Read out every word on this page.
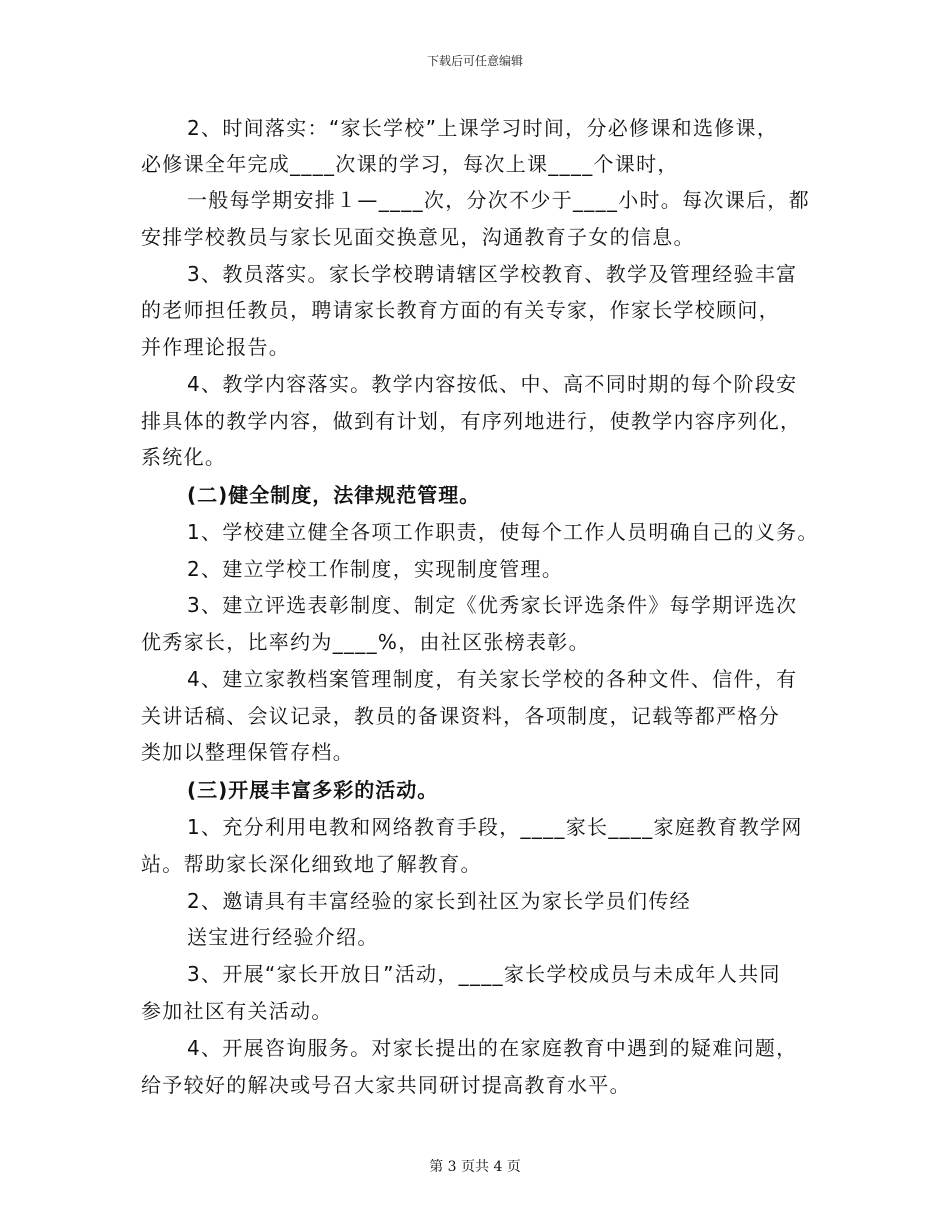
下载后可任意编辑
2、时间落实：“家长学校”上课学习时间，分必修课和选修课，
必修课全年完成____次课的学习，每次上课____个课时，
一般每学期安排１—____次，分次不少于____小时。每次课后，都
安排学校教员与家长见面交换意见，沟通教育子女的信息。
3、教员落实。家长学校聘请辖区学校教育、教学及管理经验丰富
的老师担任教员，聘请家长教育方面的有关专家，作家长学校顾问，
并作理论报告。
4、教学内容落实。教学内容按低、中、高不同时期的每个阶段安
排具体的教学内容，做到有计划，有序列地进行，使教学内容序列化，
系统化。
(二)健全制度，法律规范管理。
1、学校建立健全各项工作职责，使每个工作人员明确自己的义务。
2、建立学校工作制度，实现制度管理。
3、建立评选表彰制度、制定《优秀家长评选条件》每学期评选次
优秀家长，比率约为____%，由社区张榜表彰。
4、建立家教档案管理制度，有关家长学校的各种文件、信件，有
关讲话稿、会议记录，教员的备课资料，各项制度，记载等都严格分
类加以整理保管存档。
(三)开展丰富多彩的活动。
1、充分利用电教和网络教育手段，____家长____家庭教育教学网
站。帮助家长深化细致地了解教育。
2、邀请具有丰富经验的家长到社区为家长学员们传经
送宝进行经验介绍。
3、开展“家长开放日”活动，____家长学校成员与未成年人共同
参加社区有关活动。
4、开展咨询服务。对家长提出的在家庭教育中遇到的疑难问题，
给予较好的解决或号召大家共同研讨提高教育水平。
第 3 页共 4 页
